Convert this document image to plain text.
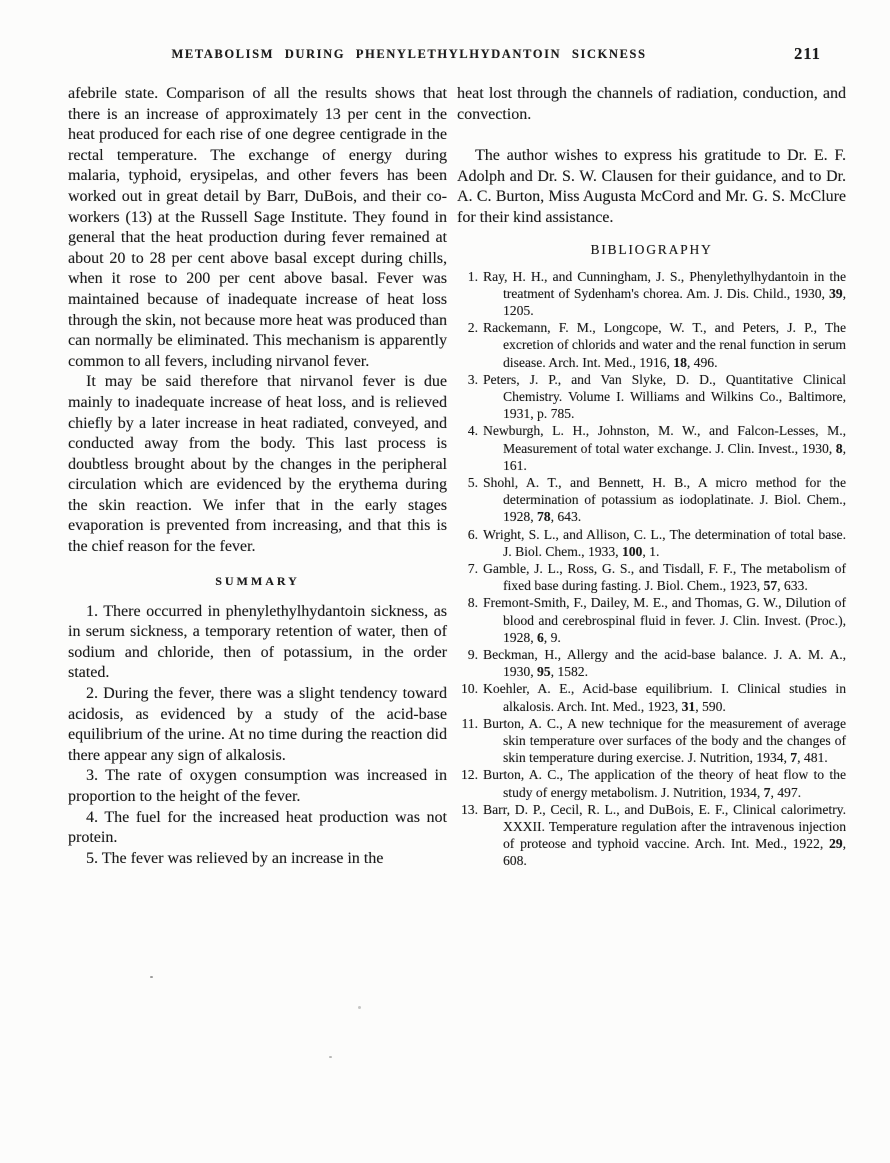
METABOLISM DURING PHENYLETHYLHYDANTOIN SICKNESS	211

afebrile state. Comparison of all the results shows that there is an increase of approximately 13 per cent in the heat produced for each rise of one degree centigrade in the rectal temperature. The exchange of energy during malaria, typhoid, erysipelas, and other fevers has been worked out in great detail by Barr, DuBois, and their co-workers (13) at the Russell Sage Institute. They found in general that the heat production during fever remained at about 20 to 28 per cent above basal except during chills, when it rose to 200 per cent above basal. Fever was maintained because of inadequate increase of heat loss through the skin, not because more heat was produced than can normally be eliminated. This mechanism is apparently common to all fevers, including nirvanol fever.

It may be said therefore that nirvanol fever is due mainly to inadequate increase of heat loss, and is relieved chiefly by a later increase in heat radiated, conveyed, and conducted away from the body. This last process is doubtless brought about by the changes in the peripheral circulation which are evidenced by the erythema during the skin reaction. We infer that in the early stages evaporation is prevented from increasing, and that this is the chief reason for the fever.

SUMMARY

1. There occurred in phenylethylhydantoin sickness, as in serum sickness, a temporary retention of water, then of sodium and chloride, then of potassium, in the order stated.

2. During the fever, there was a slight tendency toward acidosis, as evidenced by a study of the acid-base equilibrium of the urine. At no time during the reaction did there appear any sign of alkalosis.

3. The rate of oxygen consumption was increased in proportion to the height of the fever.

4. The fuel for the increased heat production was not protein.

5. The fever was relieved by an increase in the

heat lost through the channels of radiation, conduction, and convection.

The author wishes to express his gratitude to Dr. E. F. Adolph and Dr. S. W. Clausen for their guidance, and to Dr. A. C. Burton, Miss Augusta McCord and Mr. G. S. McClure for their kind assistance.

BIBLIOGRAPHY
1. Ray, H. H., and Cunningham, J. S., Phenylethylhydantoin in the treatment of Sydenham's chorea. Am. J. Dis. Child., 1930, 39, 1205.
2. Rackemann, F. M., Longcope, W. T., and Peters, J. P., The excretion of chlorids and water and the renal function in serum disease. Arch. Int. Med., 1916, 18, 496.
3. Peters, J. P., and Van Slyke, D. D., Quantitative Clinical Chemistry. Volume I. Williams and Wilkins Co., Baltimore, 1931, p. 785.
4. Newburgh, L. H., Johnston, M. W., and Falcon-Lesses, M., Measurement of total water exchange. J. Clin. Invest., 1930, 8, 161.
5. Shohl, A. T., and Bennett, H. B., A micro method for the determination of potassium as iodoplatinate. J. Biol. Chem., 1928, 78, 643.
6. Wright, S. L., and Allison, C. L., The determination of total base. J. Biol. Chem., 1933, 100, 1.
7. Gamble, J. L., Ross, G. S., and Tisdall, F. F., The metabolism of fixed base during fasting. J. Biol. Chem., 1923, 57, 633.
8. Fremont-Smith, F., Dailey, M. E., and Thomas, G. W., Dilution of blood and cerebrospinal fluid in fever. J. Clin. Invest. (Proc.), 1928, 6, 9.
9. Beckman, H., Allergy and the acid-base balance. J. A. M. A., 1930, 95, 1582.
10. Koehler, A. E., Acid-base equilibrium. I. Clinical studies in alkalosis. Arch. Int. Med., 1923, 31, 590.
11. Burton, A. C., A new technique for the measurement of average skin temperature over surfaces of the body and the changes of skin temperature during exercise. J. Nutrition, 1934, 7, 481.
12. Burton, A. C., The application of the theory of heat flow to the study of energy metabolism. J. Nutrition, 1934, 7, 497.
13. Barr, D. P., Cecil, R. L., and DuBois, E. F., Clinical calorimetry. XXXII. Temperature regulation after the intravenous injection of proteose and typhoid vaccine. Arch. Int. Med., 1922, 29, 608.
